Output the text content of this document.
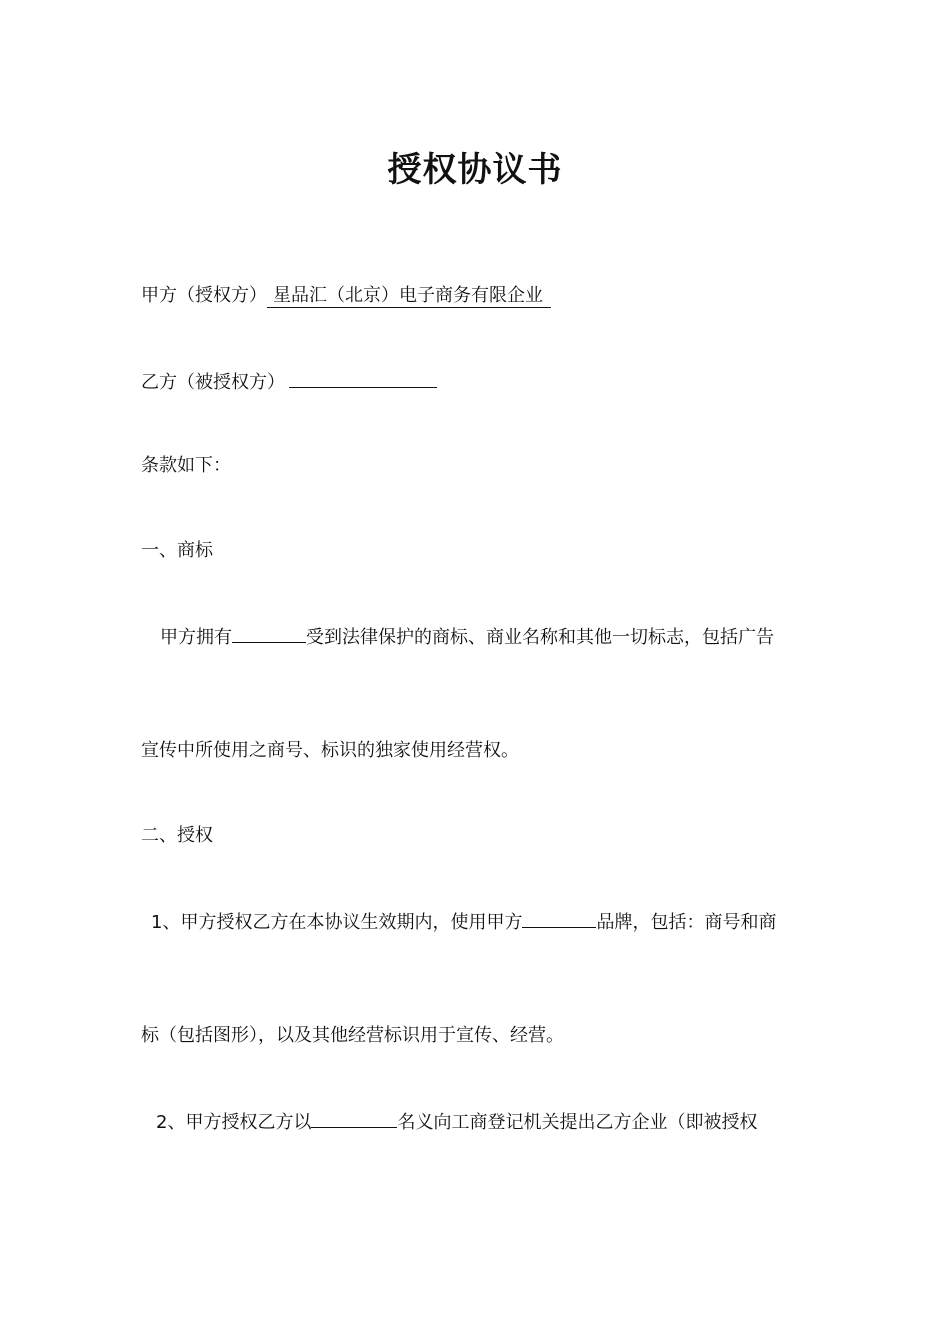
授权协议书
甲方（授权方） 星品汇（北京）电子商务有限企业
乙方（被授权方）
条款如下：
一、商标
甲方拥有	受到法律保护的商标、商业名称和其他一切标志，包括广告
宣传中所使用之商号、标识的独家使用经营权。
二、授权
1、甲方授权乙方在本协议生效期内，使用甲方	品牌，包括：商号和商
标（包括图形），以及其他经营标识用于宣传、经营。
2、甲方授权乙方以	名义向工商登记机关提出乙方企业（即被授权
